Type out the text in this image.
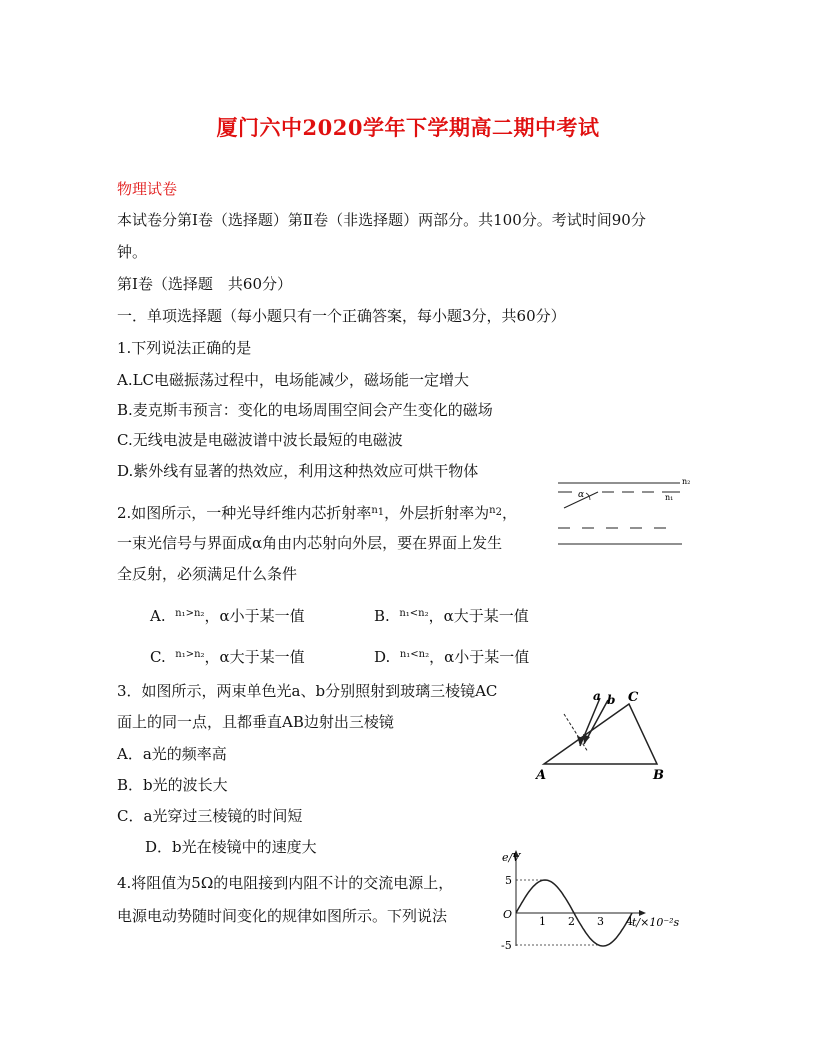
厦门六中2020学年下学期高二期中考试
物理试卷
本试卷分第Ⅰ卷（选择题）第Ⅱ卷（非选择题）两部分。共100分。考试时间90分
钟。
第Ⅰ卷（选择题　共60分）
一．单项选择题（每小题只有一个正确答案，每小题3分，共60分）
1.下列说法正确的是
A.LC电磁振荡过程中，电场能减少，磁场能一定增大
B.麦克斯韦预言：变化的电场周围空间会产生变化的磁场
C.无线电波是电磁波谱中波长最短的电磁波
D.紫外线有显著的热效应，利用这种热效应可烘干物体
2.如图所示，一种光导纤维内芯折射率$^{n1}$，外层折射率为$^{n2}$，
一束光信号与界面成α角由内芯射向外层，要在界面上发生
全反射，必须满足什么条件
A. $^{n_1>n_2}$，α小于某一值	B. $^{n_1<n_2}$，α大于某一值
C. $^{n_1>n_2}$，α大于某一值	D. $^{n_1<n_2}$，α小于某一值
n₂
n₁
α
3．如图所示，两束单色光a、b分别照射到玻璃三棱镜AC
面上的同一点，且都垂直AB边射出三棱镜
A．a光的频率高
B．b光的波长大
C．a光穿过三棱镜的时间短
D．b光在棱镜中的速度大
a b C
A	B
4.将阻值为5Ω的电阻接到内阻不计的交流电源上，
电源电动势随时间变化的规律如图所示。下列说法
e/V
t/×10⁻²s
O
5
-5
1 2 3 4
